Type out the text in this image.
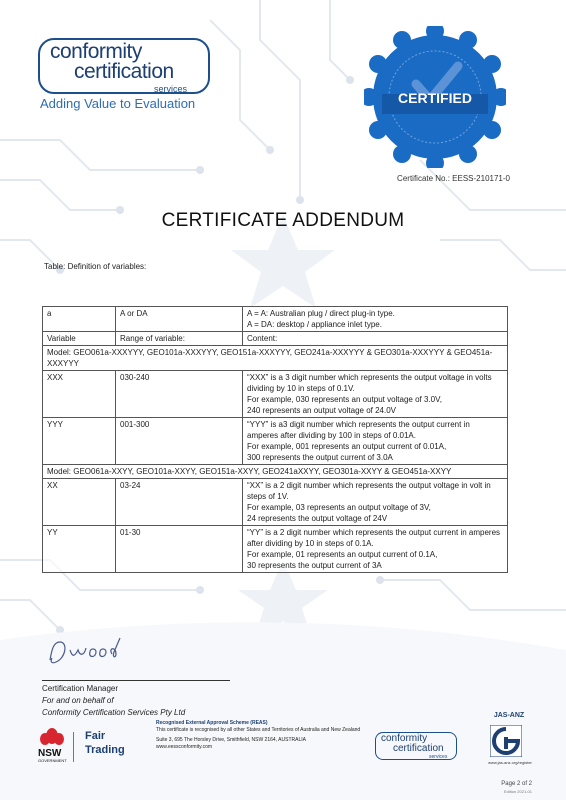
conformity
certification
services
Adding Value to Evaluation	CERTIFIED
Certificate No.: EESS-210171-0
CERTIFICATE ADDENDUM
Table: Definition of variables:
a	A or DA	A = A: Australian plug / direct plug-in type.

A = DA: desktop / appliance inlet type.

Variable	Range of variable:	Content:
Model: GEO061a-XXXYYY, GEO101a-XXXYYY, GEO151a-XXXYYY, GEO241a-XXXYYY & GEO301a-XXXYYY & GEO451a-XXXYYY		
XXX	030-240	“XXX” is a 3 digit number which represents the output voltage in volts dividing by 10 in steps of 0.1V.

For example, 030 represents an output voltage of 3.0V,

240 represents an output voltage of 24.0V

YYY	001-300	“YYY” is a3 digit number which represents the output current in amperes after dividing by 100 in steps of 0.01A.

For example, 001 represents an output current of 0.01A,

300 represents the output current of 3.0A

Model: GEO061a-XXYY, GEO101a-XXYY, GEO151a-XXYY, GEO241aXXYY, GEO301a-XXYY & GEO451a-XXYY		
XX	03-24	“XX” is a 2 digit number which represents the output voltage in volt in steps of 1V.

For example, 03 represents an output voltage of 3V,

24 represents the output voltage of 24V

YY	01-30	“YY” is a 2 digit number which represents the output current in amperes after dividing by 10 in steps of 0.1A.

For example, 01 represents an output current of 0.1A,

30 represents the output current of 3A

Certification Manager
For and on behalf of
Conformity Certification Services Pty Ltd
NSW
GOVERNMENT
Fair
Trading
Recognised External Approval Scheme (REAS)
This certificate is recognised by all other States and Territories of Australia and New Zealand
Suite 3, 695 The Horsley Drive, Smithfield, NSW 2164, AUSTRALIA
www.eessconformity.com
conformity
certification
services
JAS-ANZ
www.jas-anz.org/register
Page 2 of 2
Edition 2021-01
